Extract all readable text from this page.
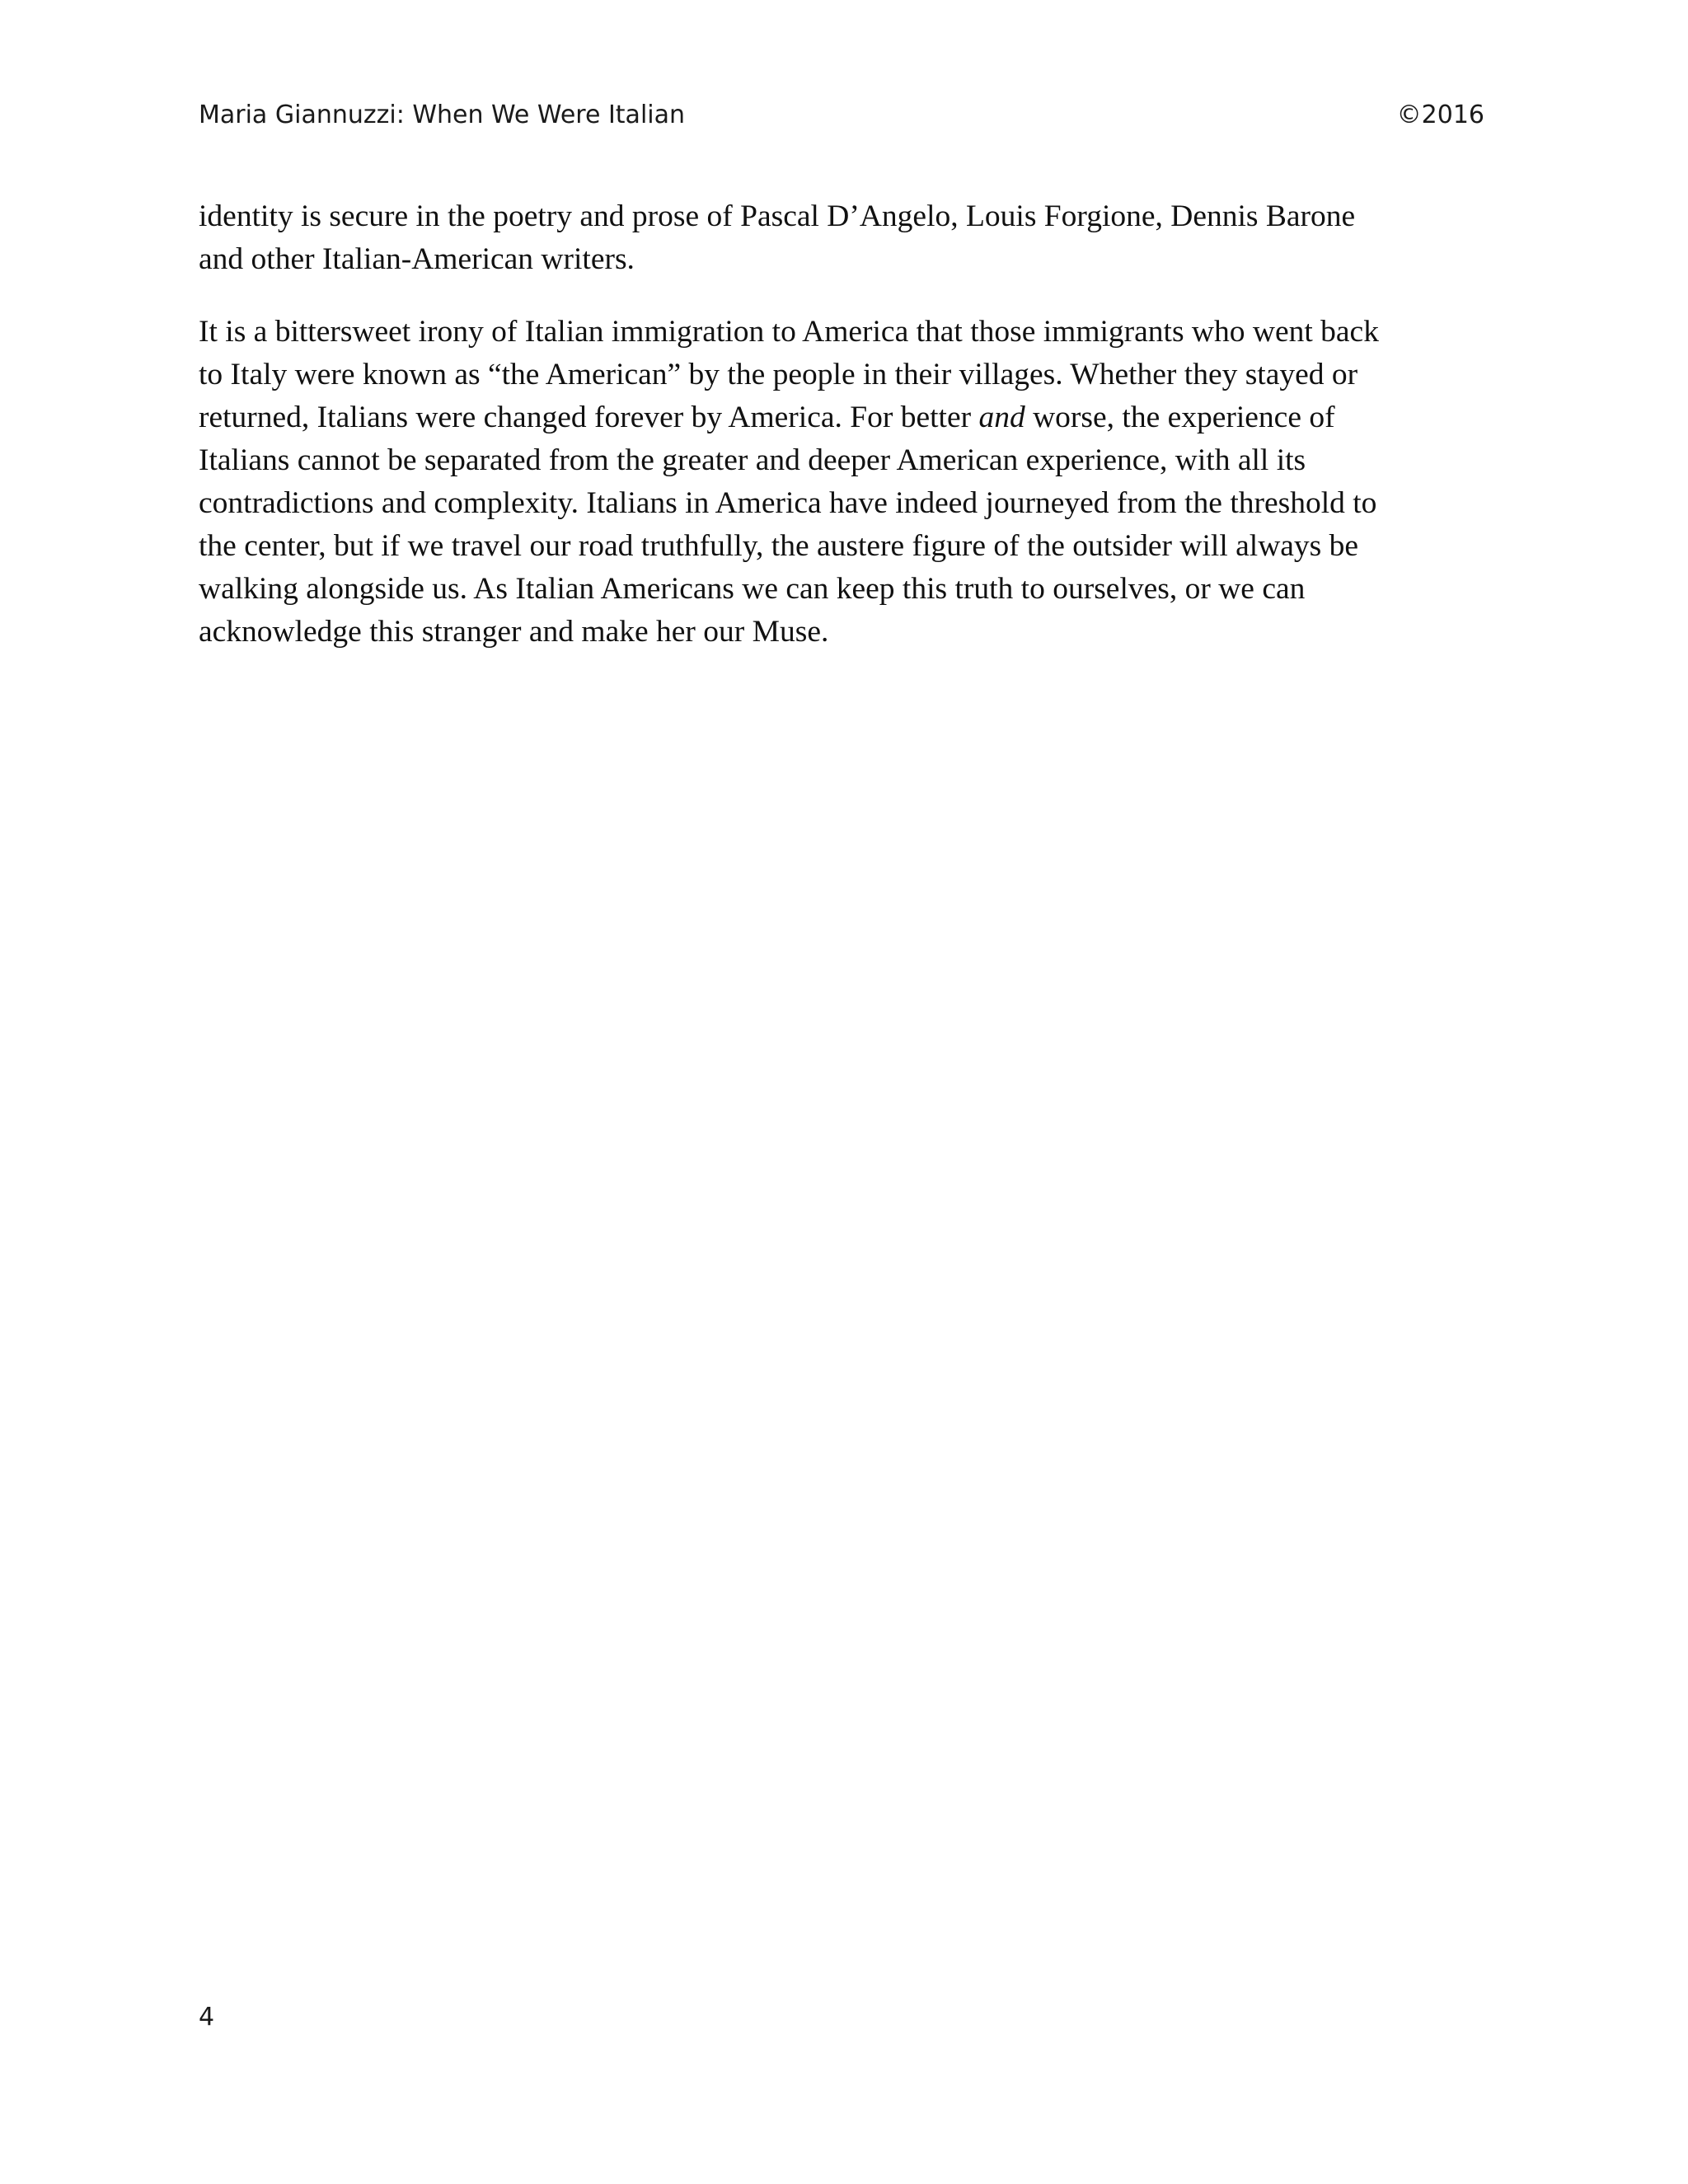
Maria Giannuzzi: When We Were Italian	©2016
identity is secure in the poetry and prose of Pascal D’Angelo, Louis Forgione, Dennis Barone
and other Italian-American writers.
It is a bittersweet irony of Italian immigration to America that those immigrants who went back
to Italy were known as “the American” by the people in their villages. Whether they stayed or
returned, Italians were changed forever by America. For better and worse, the experience of
Italians cannot be separated from the greater and deeper American experience, with all its
contradictions and complexity. Italians in America have indeed journeyed from the threshold to
the center, but if we travel our road truthfully, the austere figure of the outsider will always be
walking alongside us. As Italian Americans we can keep this truth to ourselves, or we can
acknowledge this stranger and make her our Muse.
4
